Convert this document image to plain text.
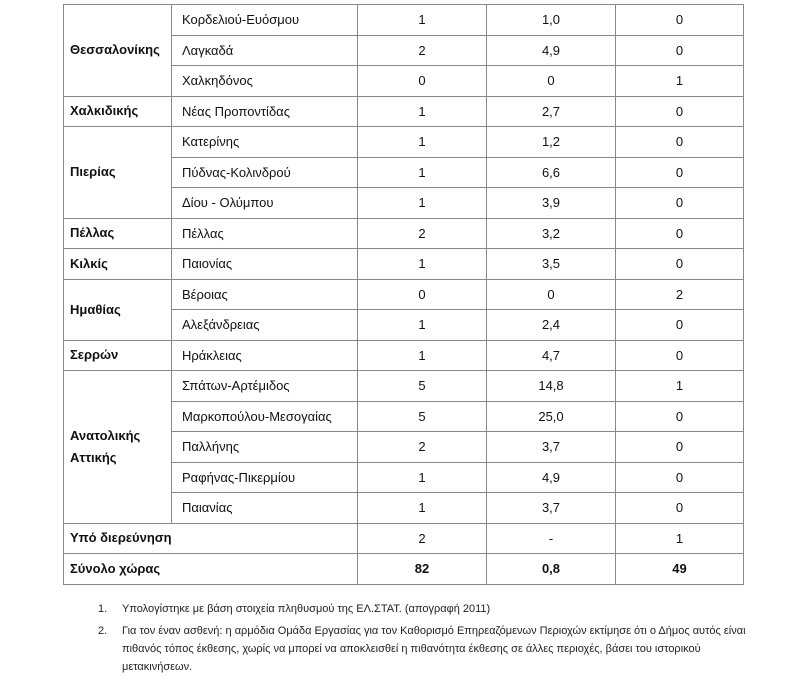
Θεσσαλονίκης	Κορδελιού-Ευόσμου	1	1,0	0
	Λαγκαδά	2	4,9	0
	Χαλκηδόνος	0	0	1
Χαλκιδικής	Νέας Προποντίδας	1	2,7	0
Πιερίας	Κατερίνης	1	1,2	0
	Πύδνας-Κολινδρού	1	6,6	0
	Δίου - Ολύμπου	1	3,9	0
Πέλλας	Πέλλας	2	3,2	0
Κιλκίς	Παιονίας	1	3,5	0
Ημαθίας	Βέροιας	0	0	2
	Αλεξάνδρειας	1	2,4	0
Σερρών	Ηράκλειας	1	4,7	0
Ανατολικής Αττικής	Σπάτων-Αρτέμιδος	5	14,8	1
	Μαρκοπούλου-Μεσογαίας	5	25,0	0
	Παλλήνης	2	3,7	0
	Ραφήνας-Πικερμίου	1	4,9	0
	Παιανίας	1	3,7	0
Υπό διερεύνηση		2	-	1
Σύνολο χώρας		82	0,8	49
1.	Υπολογίστηκε με βάση στοιχεία πληθυσμού της ΕΛ.ΣΤΑΤ. (απογραφή 2011)
2.	Για τον έναν ασθενή: η αρμόδια Ομάδα Εργασίας για τον Καθορισμό Επηρεαζόμενων Περιοχών εκτίμησε ότι ο Δήμος αυτός είναι πιθανός τόπος έκθεσης, χωρίς να μπορεί να αποκλεισθεί η πιθανότητα έκθεσης σε άλλες περιοχές, βάσει του ιστορικού μετακινήσεων.
